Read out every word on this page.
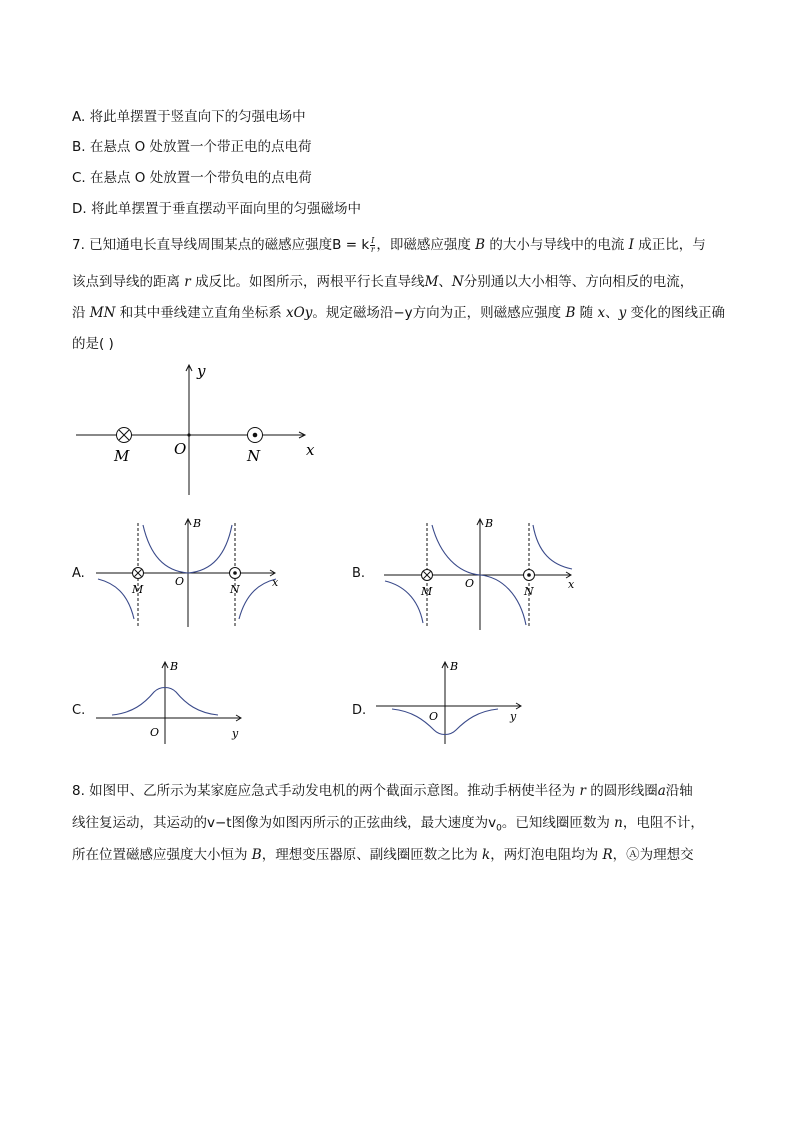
A. 将此单摆置于竖直向下的匀强电场中
B. 在悬点 O 处放置一个带正电的点电荷
C. 在悬点 O 处放置一个带负电的点电荷
D. 将此单摆置于垂直摆动平面向里的匀强磁场中
7. 已知通电长直导线周围某点的磁感应强度B = k $\frac{I}{r}$ ，即磁感应强度 B 的大小与导线中的电流 I 成正比，与
该点到导线的距离 r 成反比。如图所示，两根平行长直导线M、N分别通以大小相等、方向相反的电流，
沿 MN 和其中垂线建立直角坐标系 xOy。规定磁场沿−y方向为正，则磁感应强度 B 随 x、y 变化的图线正确
的是( )
y
x
O
M	N
A.
B
x
O
M	N
B.
B
x
O
M	N
C.
B
y
O
D.
B
y
O
8. 如图甲、乙所示为某家庭应急式手动发电机的两个截面示意图。推动手柄使半径为 r 的圆形线圈a沿轴
线往复运动，其运动的v−t图像为如图丙所示的正弦曲线，最大速度为$v_0$。已知线圈匝数为 n，电阻不计，
所在位置磁感应强度大小恒为 B，理想变压器原、副线圈匝数之比为 k，两灯泡电阻均为 R，Ⓐ为理想交
